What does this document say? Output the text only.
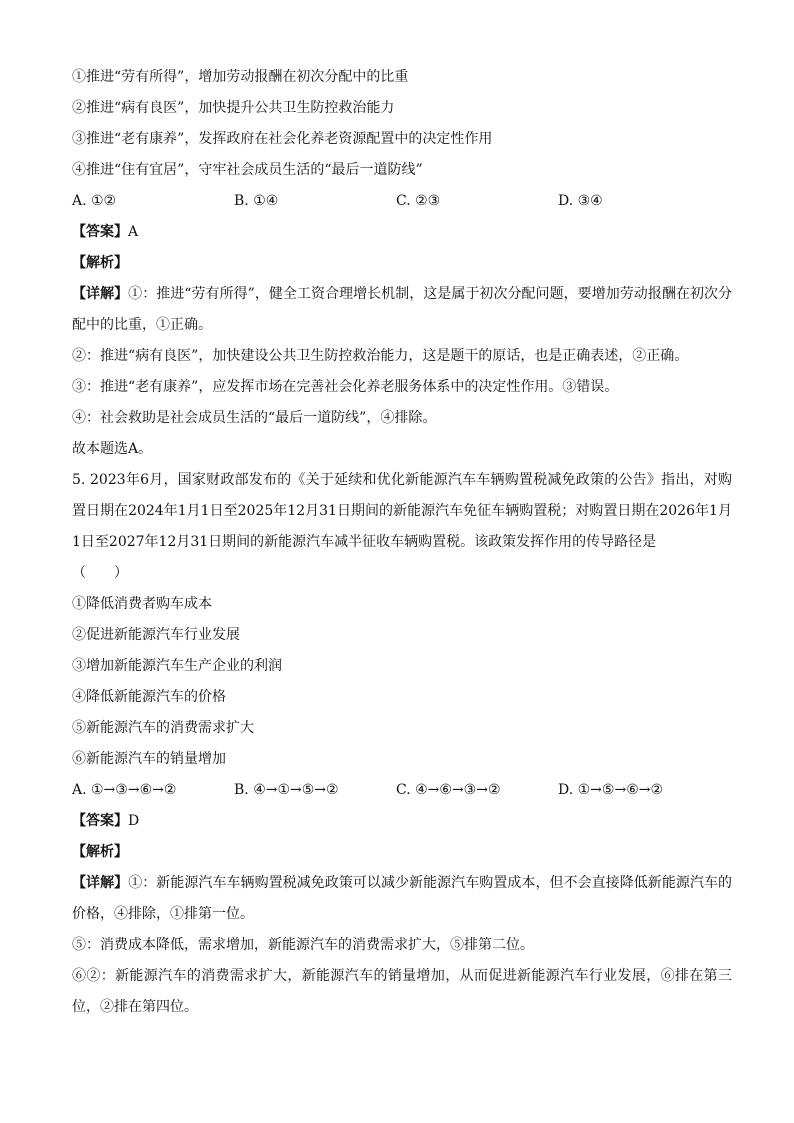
①推进“劳有所得”，增加劳动报酬在初次分配中的比重
②推进“病有良医”，加快提升公共卫生防控救治能力
③推进“老有康养”，发挥政府在社会化养老资源配置中的决定性作用
④推进“住有宜居”，守牢社会成员生活的“最后一道防线”
A. ①②	B. ①④	C. ②③	D. ③④
【答案】A
【解析】
【详解】①：推进“劳有所得”，健全工资合理增长机制，这是属于初次分配问题，要增加劳动报酬在初次分配中的比重，①正确。
②：推进“病有良医”，加快建设公共卫生防控救治能力，这是题干的原话，也是正确表述，②正确。
③：推进“老有康养”，应发挥市场在完善社会化养老服务体系中的决定性作用。③错误。
④：社会救助是社会成员生活的“最后一道防线”，④排除。
故本题选A。
5. 2023年6月，国家财政部发布的《关于延续和优化新能源汽车车辆购置税减免政策的公告》指出，对购置日期在2024年1月1日至2025年12月31日期间的新能源汽车免征车辆购置税；对购置日期在2026年1月1日至2027年12月31日期间的新能源汽车减半征收车辆购置税。该政策发挥作用的传导路径是
（　　）
①降低消费者购车成本
②促进新能源汽车行业发展
③增加新能源汽车生产企业的利润
④降低新能源汽车的价格
⑤新能源汽车的消费需求扩大
⑥新能源汽车的销量增加
A. ①→③→⑥→②	B. ④→①→⑤→②	C. ④→⑥→③→②	D. ①→⑤→⑥→②
【答案】D
【解析】
【详解】①：新能源汽车车辆购置税减免政策可以减少新能源汽车购置成本，但不会直接降低新能源汽车的价格，④排除，①排第一位。
⑤：消费成本降低，需求增加，新能源汽车的消费需求扩大，⑤排第二位。
⑥②：新能源汽车的消费需求扩大，新能源汽车的销量增加，从而促进新能源汽车行业发展，⑥排在第三位，②排在第四位。
